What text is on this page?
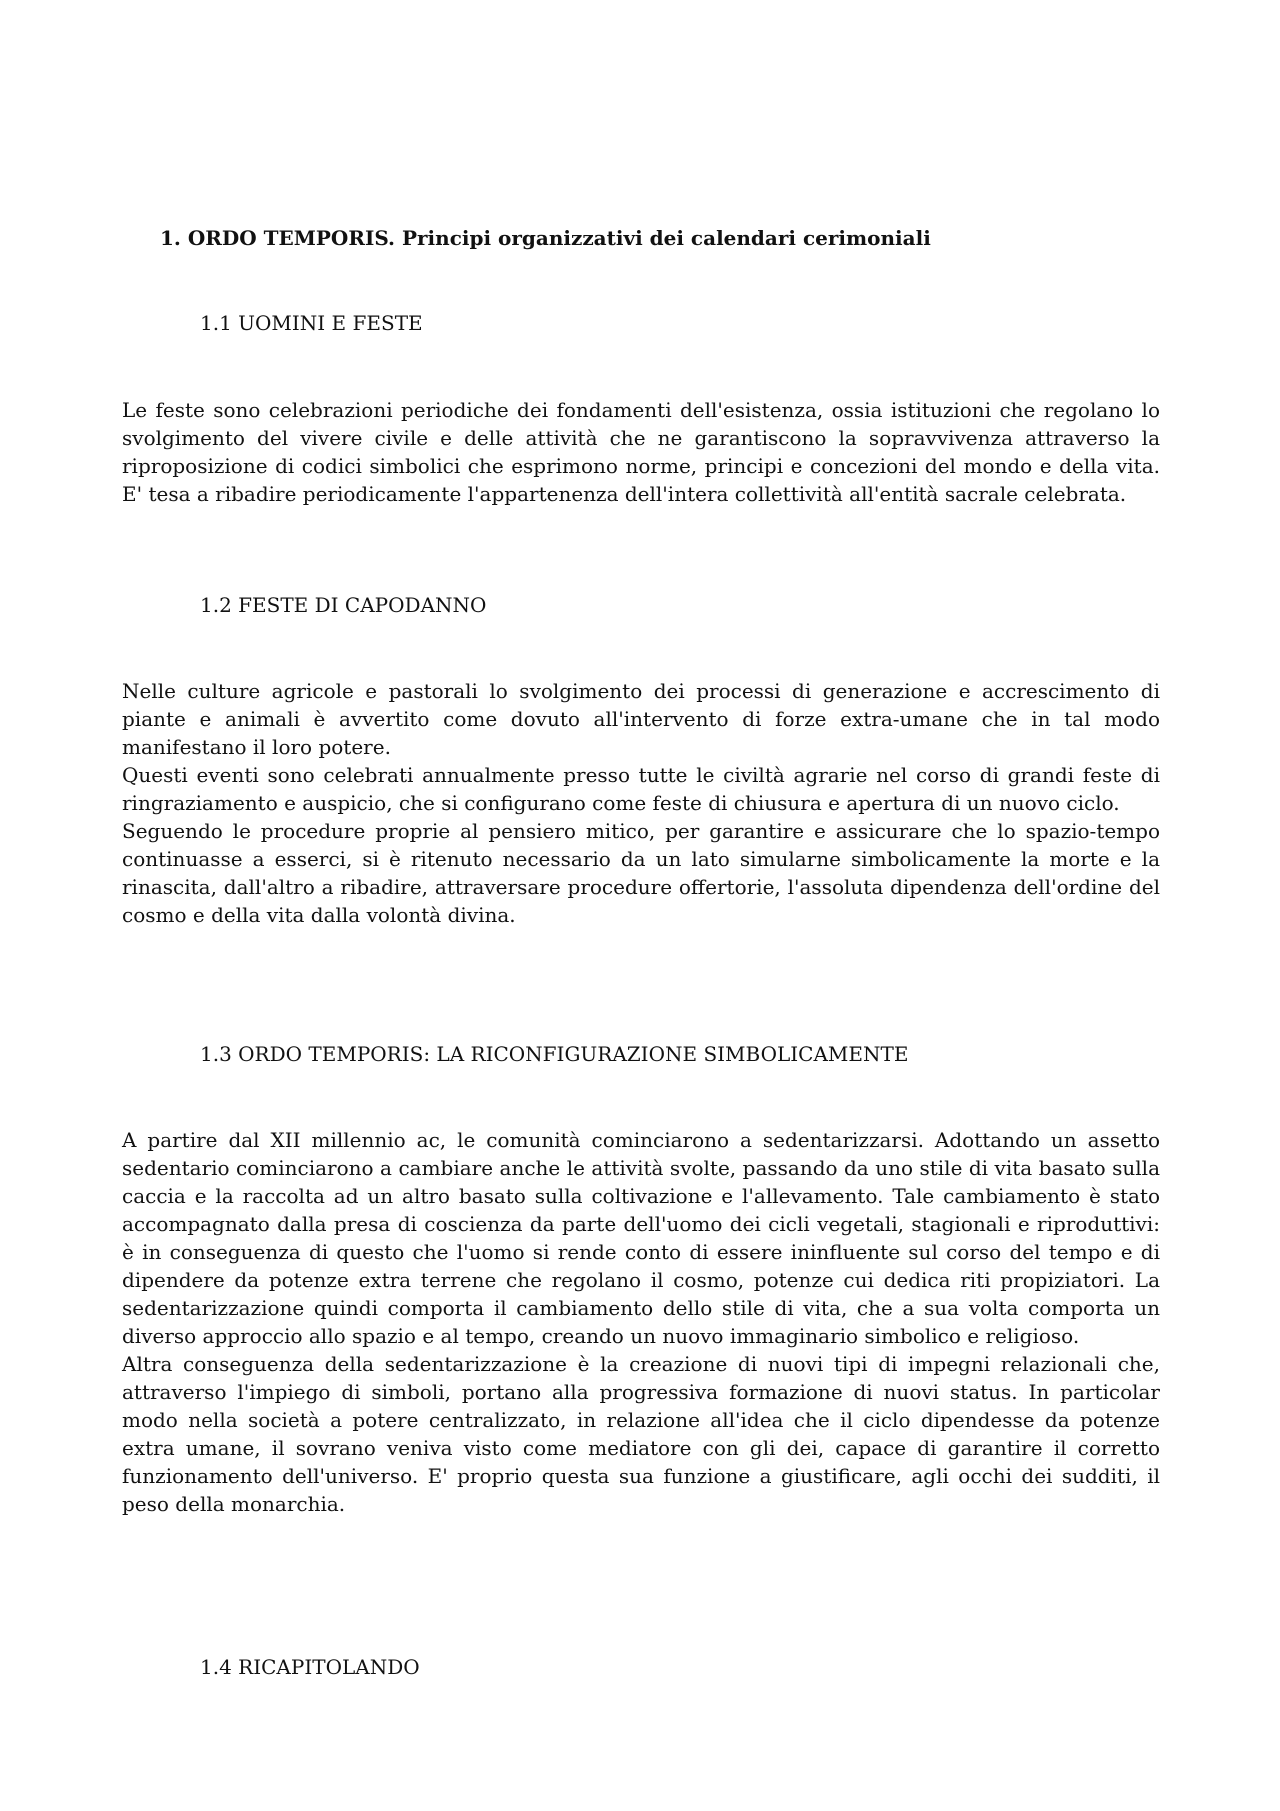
1. ORDO TEMPORIS. Principi organizzativi dei calendari cerimoniali
1.1 UOMINI E FESTE

Le feste sono celebrazioni periodiche dei fondamenti dell'esistenza, ossia istituzioni che regolano lo svolgimento del vivere civile e delle attività che ne garantiscono la sopravvivenza attraverso la riproposizione di codici simbolici che esprimono norme, principi e concezioni del mondo e della vita. E' tesa a ribadire periodicamente l'appartenenza dell'intera collettività all'entità sacrale celebrata.

1.2 FESTE DI CAPODANNO

Nelle culture agricole e pastorali lo svolgimento dei processi di generazione e accrescimento di piante e animali è avvertito come dovuto all'intervento di forze extra-umane che in tal modo manifestano il loro potere.

Questi eventi sono celebrati annualmente presso tutte le civiltà agrarie nel corso di grandi feste di ringraziamento e auspicio, che si configurano come feste di chiusura e apertura di un nuovo ciclo.

Seguendo le procedure proprie al pensiero mitico, per garantire e assicurare che lo spazio-tempo continuasse a esserci, si è ritenuto necessario da un lato simularne simbolicamente la morte e la rinascita, dall'altro a ribadire, attraversare procedure offertorie, l'assoluta dipendenza dell'ordine del cosmo e della vita dalla volontà divina.

1.3 ORDO TEMPORIS: LA RICONFIGURAZIONE SIMBOLICAMENTE

A partire dal XII millennio ac, le comunità cominciarono a sedentarizzarsi. Adottando un assetto sedentario cominciarono a cambiare anche le attività svolte, passando da uno stile di vita basato sulla caccia e la raccolta ad un altro basato sulla coltivazione e l'allevamento. Tale cambiamento è stato accompagnato dalla presa di coscienza da parte dell'uomo dei cicli vegetali, stagionali e riproduttivi: è in conseguenza di questo che l'uomo si rende conto di essere ininfluente sul corso del tempo e di dipendere da potenze extra terrene che regolano il cosmo, potenze cui dedica riti propiziatori. La sedentarizzazione quindi comporta il cambiamento dello stile di vita, che a sua volta comporta un diverso approccio allo spazio e al tempo, creando un nuovo immaginario simbolico e religioso.

Altra conseguenza della sedentarizzazione è la creazione di nuovi tipi di impegni relazionali che, attraverso l'impiego di simboli, portano alla progressiva formazione di nuovi status. In particolar modo nella società a potere centralizzato, in relazione all'idea che il ciclo dipendesse da potenze extra umane, il sovrano veniva visto come mediatore con gli dei, capace di garantire il corretto funzionamento dell'universo. E' proprio questa sua funzione a giustificare, agli occhi dei sudditi, il peso della monarchia.

1.4 RICAPITOLANDO
